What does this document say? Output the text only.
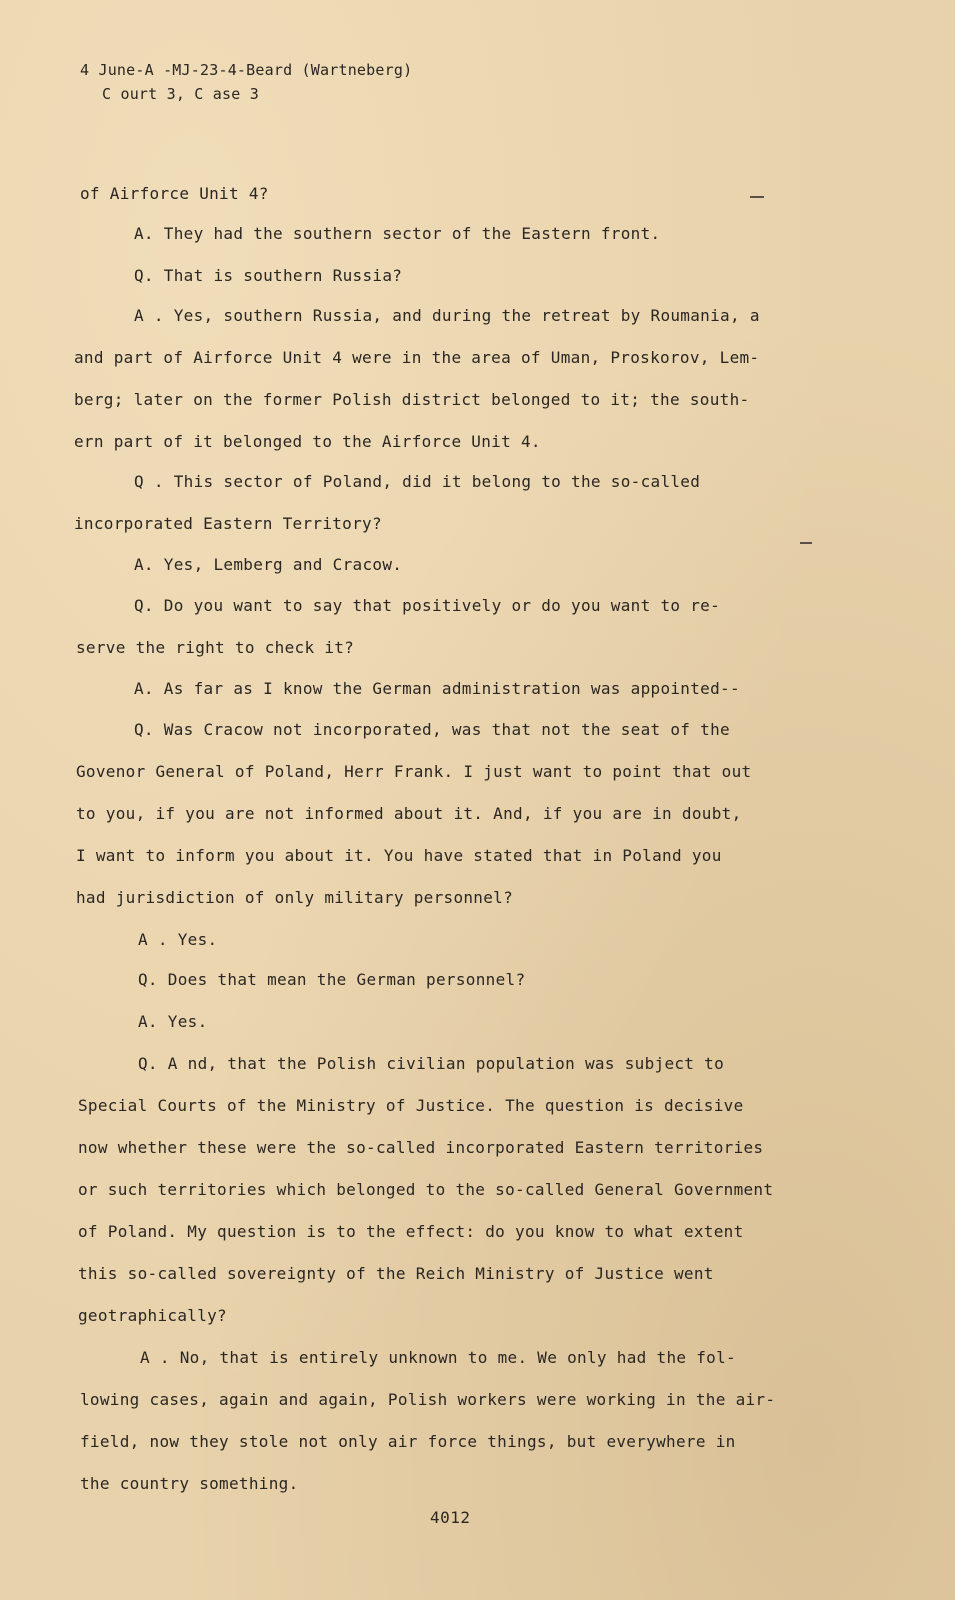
4 June-A -MJ-23-4-Beard (Wartneberg)
C ourt 3, C ase 3
of Airforce Unit 4?
A. They had the southern sector of the Eastern front.
Q. That is southern Russia?
A . Yes, southern Russia, and during the retreat by Roumania, a
and part of Airforce Unit 4 were in the area of Uman, Proskorov, Lem-
berg; later on the former Polish district belonged to it; the south-
ern part of it belonged to the Airforce Unit 4.
Q . This sector of Poland, did it belong to the so-called
incorporated Eastern Territory?
A. Yes, Lemberg and Cracow.
Q. Do you want to say that positively or do you want to re-
serve the right to check it?
A. As far as I know the German administration was appointed--
Q. Was Cracow not incorporated, was that not the seat of the
Govenor General of Poland, Herr Frank. I just want to point that out
to you, if you are not informed about it. And, if you are in doubt,
I want to inform you about it. You have stated that in Poland you
had jurisdiction of only military personnel?
A . Yes.
Q. Does that mean the German personnel?
A. Yes.
Q. A nd, that the Polish civilian population was subject to
Special Courts of the Ministry of Justice. The question is decisive
now whether these were the so-called incorporated Eastern territories
or such territories which belonged to the so-called General Government
of Poland. My question is to the effect: do you know to what extent
this so-called sovereignty of the Reich Ministry of Justice went
geotraphically?
A . No, that is entirely unknown to me. We only had the fol-
lowing cases, again and again, Polish workers were working in the air-
field, now they stole not only air force things, but everywhere in
the country something.
4012
